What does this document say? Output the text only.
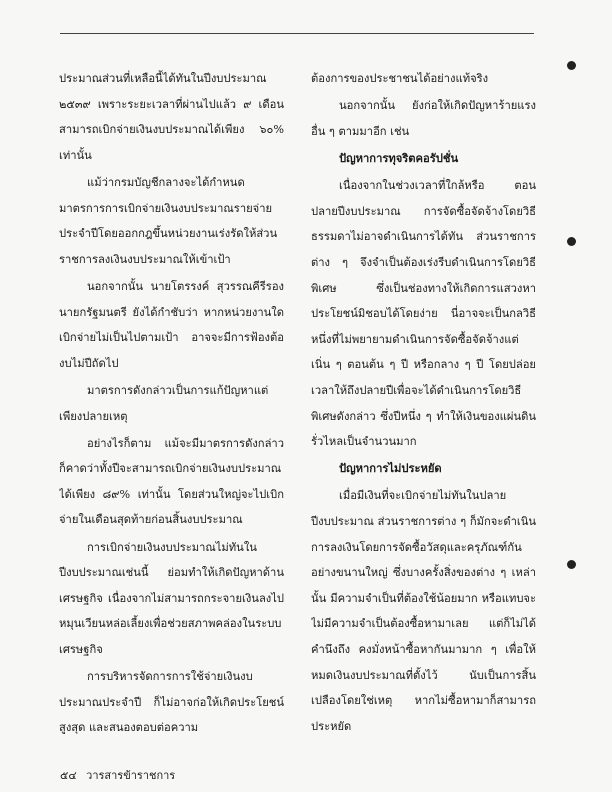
ประมาณส่วนที่เหลือนี้ได้ทันในปีงบประมาณ ๒๕๓๙ เพราะระยะเวลาที่ผ่านไปแล้ว ๙ เดือน สามารถเบิกจ่ายเงินงบประมาณได้เพียง ๖๐% เท่านั้น

แม้ว่ากรมบัญชีกลางจะได้กำหนดมาตรการการเบิกจ่ายเงินงบประมาณรายจ่ายประจำปีโดยออกกฎขึ้นหน่วยงานเร่งรัดให้ส่วนราชการลงเงินงบประมาณให้เข้าเป้า

นอกจากนั้น นายโตรรงค์ สุวรรณคีรีรองนายกรัฐมนตรี ยังได้กำชับว่า หากหน่วยงานใดเบิกจ่ายไม่เป็นไปตามเป้า อาจจะมีการฟ้องต้องบไม่ปีถัดไป

มาตรการดังกล่าวเป็นการแก้ปัญหาแต่เพียงปลายเหตุ

อย่างไรก็ตาม แม้จะมีมาตรการดังกล่าว ก็คาดว่าทั้งปีจะสามารถเบิกจ่ายเงินงบประมาณได้เพียง ๘๙% เท่านั้น โดยส่วนใหญ่จะไปเบิกจ่ายในเดือนสุดท้ายก่อนสิ้นงบประมาณ

การเบิกจ่ายเงินงบประมาณไม่ทันในปีงบประมาณเช่นนี้ ย่อมทำให้เกิดปัญหาด้านเศรษฐกิจ เนื่องจากไม่สามารถกระจายเงินลงไปหมุนเวียนหล่อเลี้ยงเพื่อช่วยสภาพคล่องในระบบเศรษฐกิจ

การบริหารจัดการการใช้จ่ายเงินงบประมาณประจำปี ก็ไม่อาจก่อให้เกิดประโยชน์สูงสุด และสนองตอบต่อความ

ต้องการของประชาชนได้อย่างแท้จริง

นอกจากนั้น ยังก่อให้เกิดปัญหาร้ายแรงอื่น ๆ ตามมาอีก เช่น

ปัญหาการทุจริตคอรัปชั่น

เนื่องจากในช่วงเวลาที่ใกล้หรือ ตอนปลายปีงบประมาณ การจัดซื้อจัดจ้างโดยวิธีธรรมดาไม่อาจดำเนินการได้ทัน ส่วนราชการต่าง ๆ จึงจำเป็นต้องเร่งรีบดำเนินการโดยวิธีพิเศษ ซึ่งเป็นช่องทางให้เกิดการแสวงหาประโยชน์มิชอบได้โดยง่าย นี่อาจจะเป็นกลวิธีหนึ่งที่ไม่พยายามดำเนินการจัดซื้อจัดจ้างแต่เนิ่น ๆ ตอนต้น ๆ ปี หรือกลาง ๆ ปี โดยปล่อยเวลาให้ถึงปลายปีเพื่อจะได้ดำเนินการโดยวิธีพิเศษดังกล่าว ซึ่งปีหนึ่ง ๆ ทำให้เงินของแผ่นดินรั่วไหลเป็นจำนวนมาก

ปัญหาการไม่ประหยัด

เมื่อมีเงินที่จะเบิกจ่ายไม่ทันในปลายปีงบประมาณ ส่วนราชการต่าง ๆ ก็มักจะดำเนินการลงเงินโดยการจัดซื้อวัสดุและครุภัณฑ์กันอย่างขนานใหญ่ ซึ่งบางครั้งสิ่งของต่าง ๆ เหล่านั้น มีความจำเป็นที่ต้องใช้น้อยมาก หรือแทบจะไม่มีความจำเป็นต้องซื้อหามาเลย แต่ก็ไม่ได้คำนึงถึง คงมั่งหน้าซื้อหากันมามาก ๆ เพื่อให้หมดเงินงบประมาณที่ตั้งไว้ นับเป็นการสิ้นเปลืองโดยใช่เหตุ หากไม่ซื้อหามาก็สามารถประหยัด

๕๔ วารสารข้าราชการ
